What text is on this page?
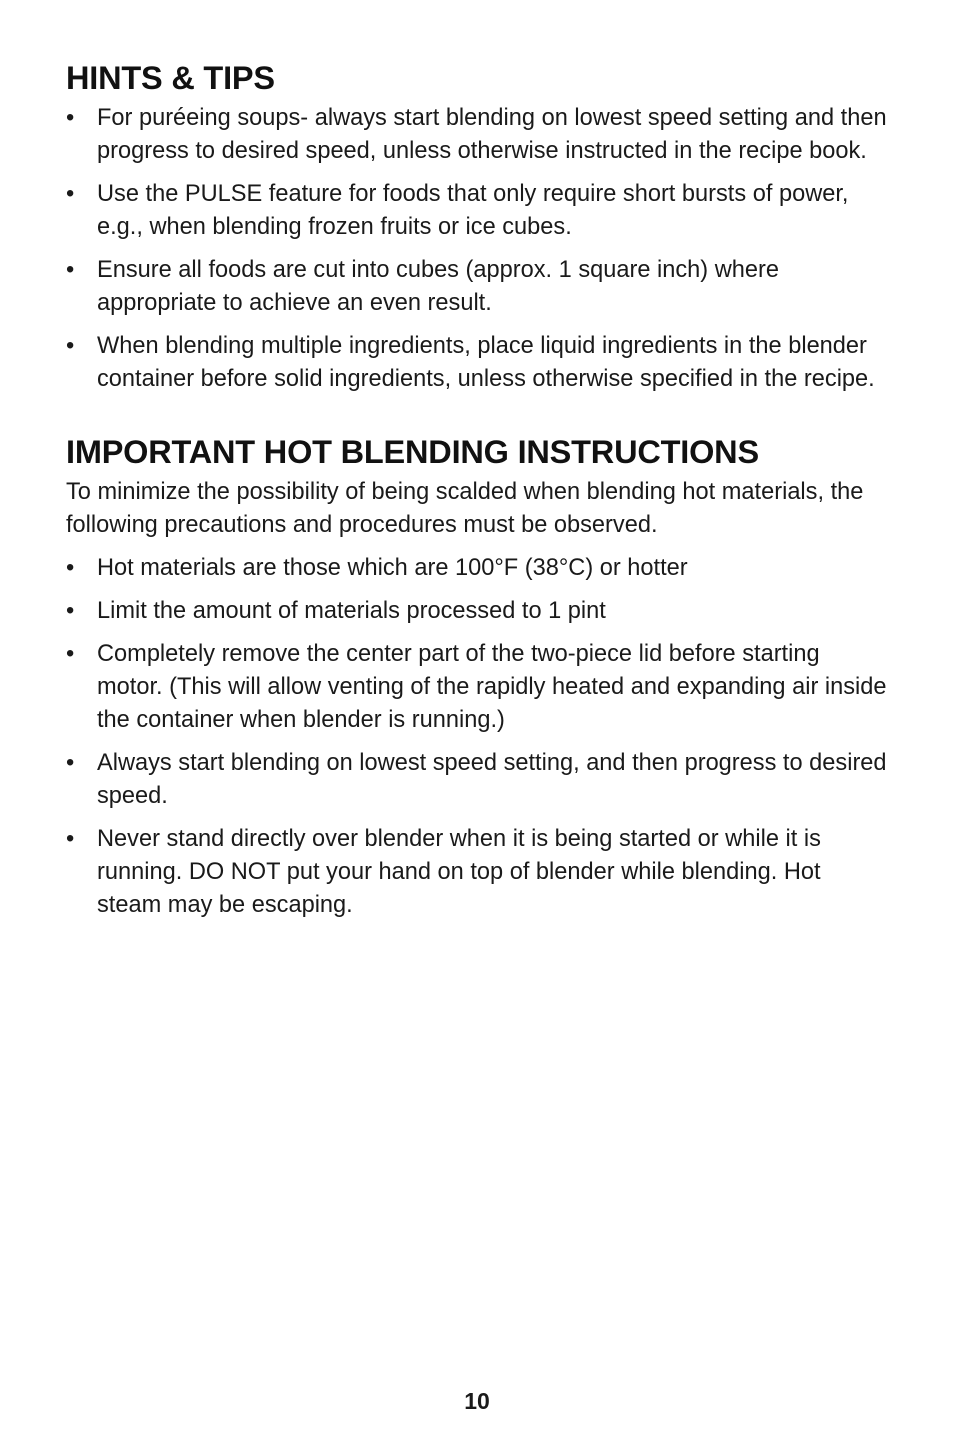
HINTS & TIPS
• For puréeing soups- always start blending on lowest speed setting and then progress to desired speed, unless otherwise instructed in the recipe book.
• Use the PULSE feature for foods that only require short bursts of power, e.g., when blending frozen fruits or ice cubes.
• Ensure all foods are cut into cubes (approx. 1 square inch) where appropriate to achieve an even result.
• When blending multiple ingredients, place liquid ingredients in the blender container before solid ingredients, unless otherwise specified in the recipe.
IMPORTANT HOT BLENDING INSTRUCTIONS

To minimize the possibility of being scalded when blending hot materials, the following precautions and procedures must be observed.

• Hot materials are those which are 100°F (38°C) or hotter
• Limit the amount of materials processed to 1 pint
• Completely remove the center part of the two-piece lid before starting motor. (This will allow venting of the rapidly heated and expanding air inside the container when blender is running.)
• Always start blending on lowest speed setting, and then progress to desired speed.
• Never stand directly over blender when it is being started or while it is running. DO NOT put your hand on top of blender while blending. Hot steam may be escaping.
10
